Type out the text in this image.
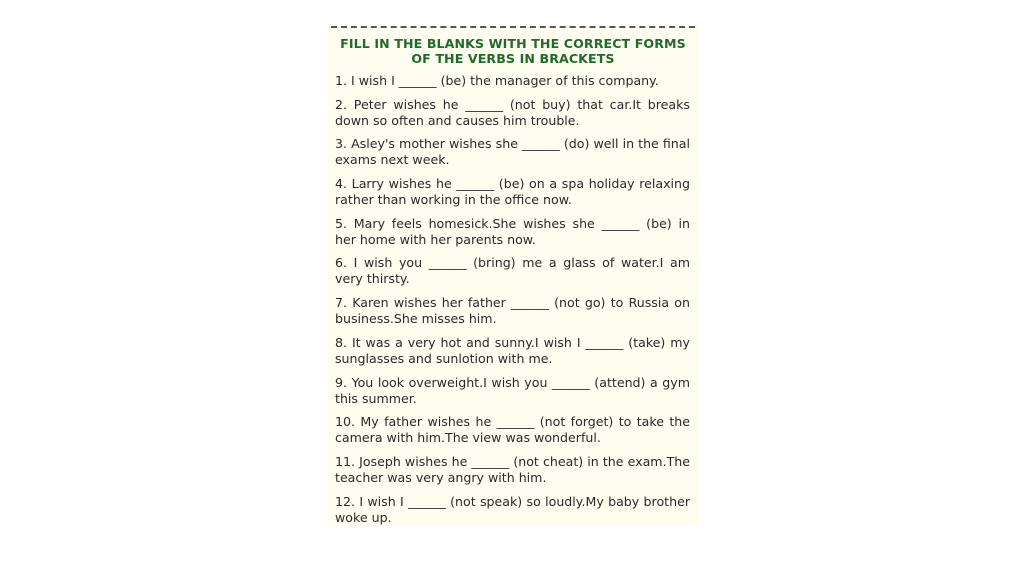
FILL IN THE BLANKS WITH THE CORRECT FORMS
OF THE VERBS IN BRACKETS
1. I wish I ______ (be) the manager of this company.
2. Peter wishes he ______ (not buy) that car.It breaks down so often and causes him trouble.
3. Asley's mother wishes she ______ (do) well in the final exams next week.
4. Larry wishes he ______ (be) on a spa holiday relaxing rather than working in the office now.
5. Mary feels homesick.She wishes she ______ (be) in her home with her parents now.
6. I wish you ______ (bring) me a glass of water.I am very thirsty.
7. Karen wishes her father ______ (not go) to Russia on business.She misses him.
8. It was a very hot and sunny.I wish I ______ (take) my sunglasses and sunlotion with me.
9. You look overweight.I wish you ______ (attend) a gym this summer.
10. My father wishes he ______ (not forget) to take the camera with him.The view was wonderful.
11. Joseph wishes he ______ (not cheat) in the exam.The teacher was very angry with him.
12. I wish I ______ (not speak) so loudly.My baby brother woke up.
